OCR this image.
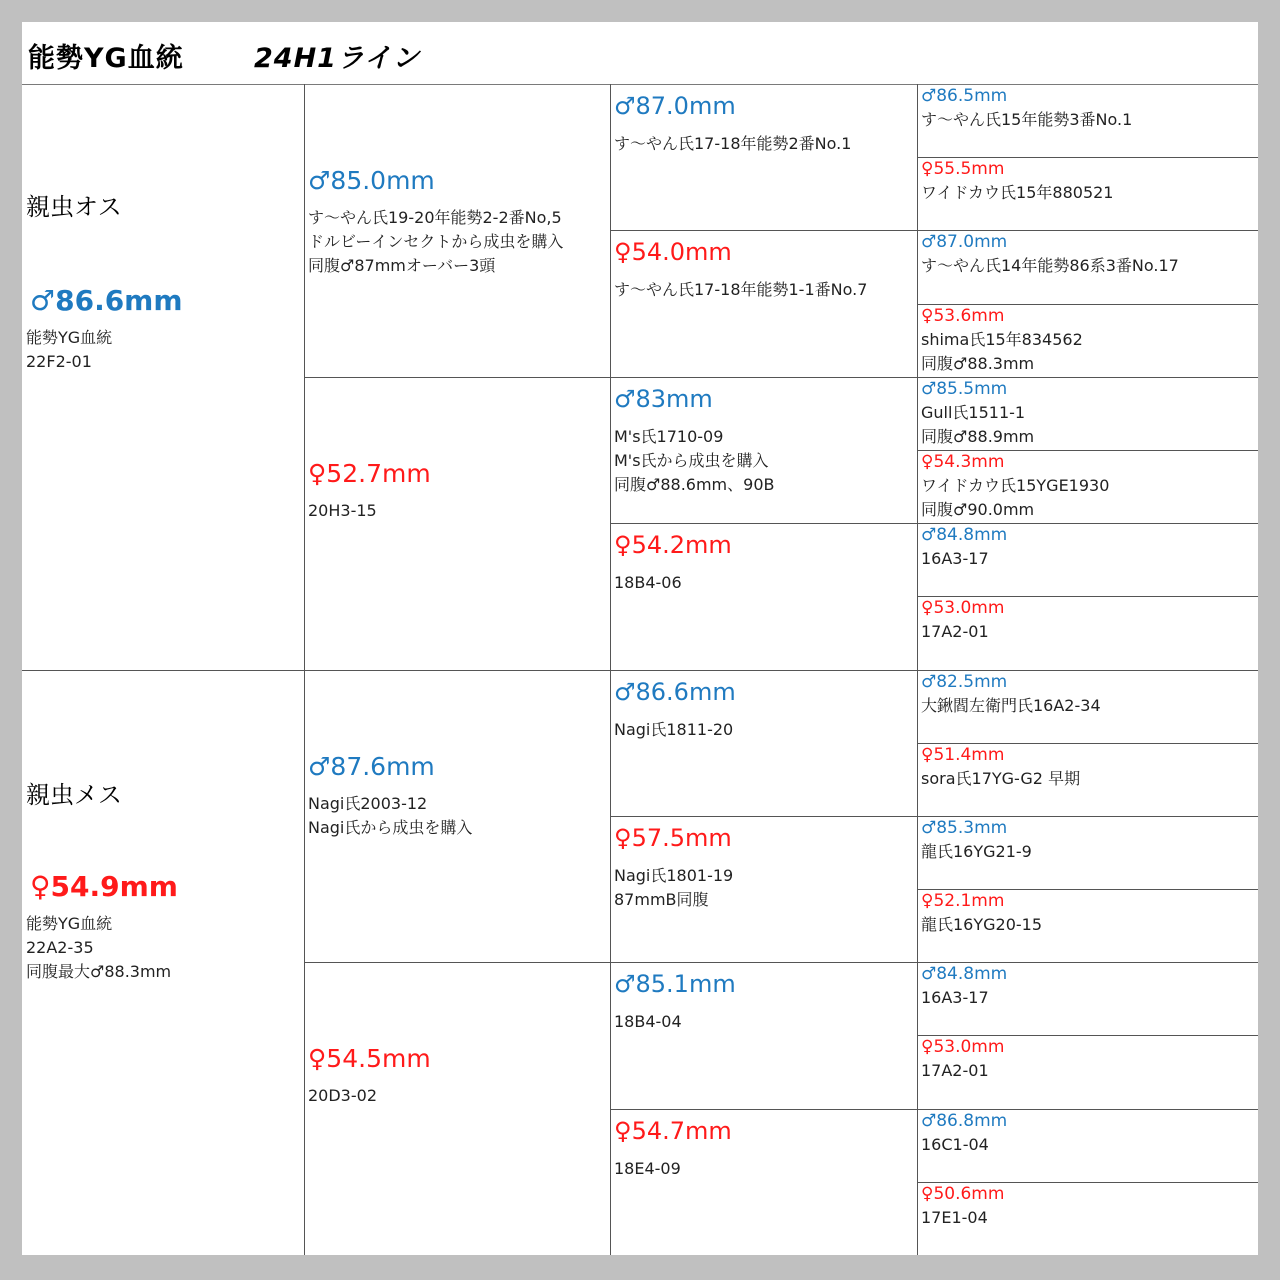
能勢YG血統	24H1ライン
親虫オス
♂86.6mm
能勢YG血統
22F2-01
親虫メス
♀54.9mm
能勢YG血統
22A2-35
同腹最大♂88.3mm
♂85.0mm
す～やん氏19-20年能勢2-2番No,5
ドルビーインセクトから成虫を購入
同腹♂87mmオーバー3頭
♀52.7mm
20H3-15
♂87.6mm
Nagi氏2003-12
Nagi氏から成虫を購入
♀54.5mm
20D3-02
♂87.0mm
す～やん氏17-18年能勢2番No.1
♀54.0mm
す～やん氏17-18年能勢1-1番No.7
♂83mm
M's氏1710-09
M's氏から成虫を購入
同腹♂88.6mm、90B
♀54.2mm
18B4-06
♂86.6mm
Nagi氏1811-20
♀57.5mm
Nagi氏1801-19
87mmB同腹
♂85.1mm
18B4-04
♀54.7mm
18E4-09
♂86.5mm
す～やん氏15年能勢3番No.1
♀55.5mm
ワイドカウ氏15年880521
♂87.0mm
す～やん氏14年能勢86系3番No.17
♀53.6mm
shima氏15年834562
同腹♂88.3mm
♂85.5mm
Gull氏1511-1
同腹♂88.9mm
♀54.3mm
ワイドカウ氏15YGE1930
同腹♂90.0mm
♂84.8mm
16A3-17
♀53.0mm
17A2-01
♂82.5mm
大鍬閻左衛門氏16A2-34
♀51.4mm
sora氏17YG-G2 早期
♂85.3mm
龍氏16YG21-9
♀52.1mm
龍氏16YG20-15
♂84.8mm
16A3-17
♀53.0mm
17A2-01
♂86.8mm
16C1-04
♀50.6mm
17E1-04
